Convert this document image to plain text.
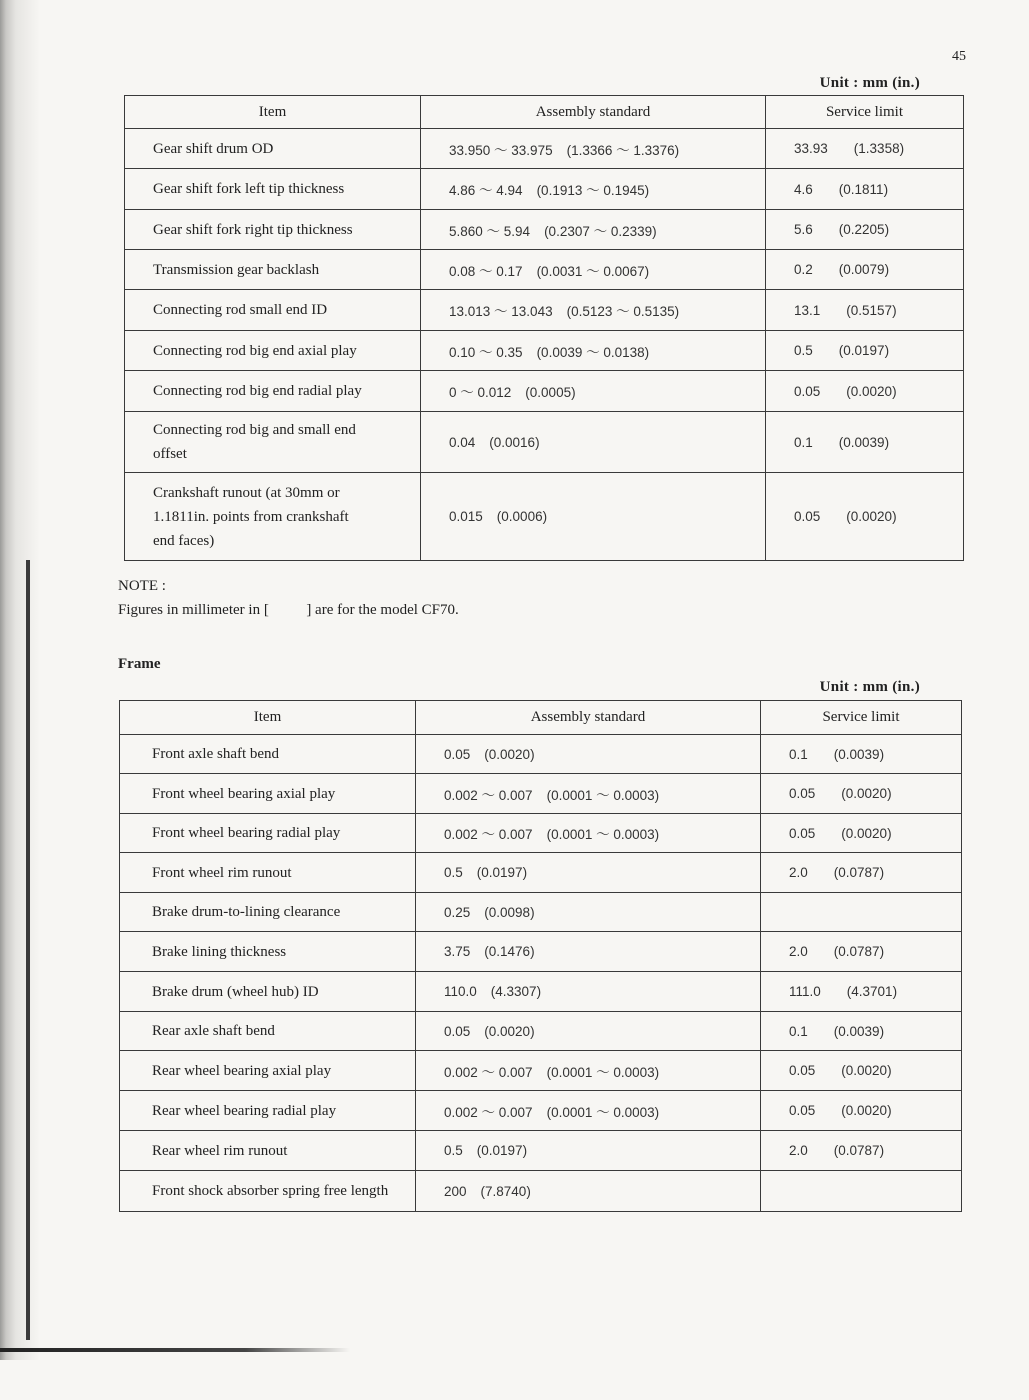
45
Unit : mm (in.)
Item	Assembly standard	Service limit
Gear shift drum OD	33.950 ～ 33.975 (1.3366 ～ 1.3376)	33.93 (1.3358)
Gear shift fork left tip thickness	4.86 ～ 4.94 (0.1913 ～ 0.1945)	4.6 (0.1811)
Gear shift fork right tip thickness	5.860 ～ 5.94 (0.2307 ～ 0.2339)	5.6 (0.2205)
Transmission gear backlash	0.08 ～ 0.17 (0.0031 ～ 0.0067)	0.2 (0.0079)
Connecting rod small end ID	13.013 ～ 13.043 (0.5123 ～ 0.5135)	13.1 (0.5157)
Connecting rod big end axial play	0.10 ～ 0.35 (0.0039 ～ 0.0138)	0.5 (0.0197)
Connecting rod big end radial play	0 ～ 0.012 (0.0005)	0.05 (0.0020)

Connecting rod big and small end
offset	0.04 (0.0016)	0.1 (0.0039)

Crankshaft runout (at 30mm or
1.1811in. points from crankshaft
end faces)	0.015 (0.0006)	0.05 (0.0020)
NOTE :
Figures in millimeter in [          ] are for the model CF70.
Frame
Unit : mm (in.)
Item	Assembly standard	Service limit
Front axle shaft bend	0.05 (0.0020)	0.1 (0.0039)
Front wheel bearing axial play	0.002 ～ 0.007 (0.0001 ～ 0.0003)	0.05 (0.0020)
Front wheel bearing radial play	0.002 ～ 0.007 (0.0001 ～ 0.0003)	0.05 (0.0020)
Front wheel rim runout	0.5 (0.0197)	2.0 (0.0787)
Brake drum-to-lining clearance	0.25 (0.0098)	
Brake lining thickness	3.75 (0.1476)	2.0 (0.0787)
Brake drum (wheel hub) ID	110.0 (4.3307)	111.0 (4.3701)
Rear axle shaft bend	0.05 (0.0020)	0.1 (0.0039)
Rear wheel bearing axial play	0.002 ～ 0.007 (0.0001 ～ 0.0003)	0.05 (0.0020)
Rear wheel bearing radial play	0.002 ～ 0.007 (0.0001 ～ 0.0003)	0.05 (0.0020)
Rear wheel rim runout	0.5 (0.0197)	2.0 (0.0787)
Front shock absorber spring free length	200 (7.8740)	
